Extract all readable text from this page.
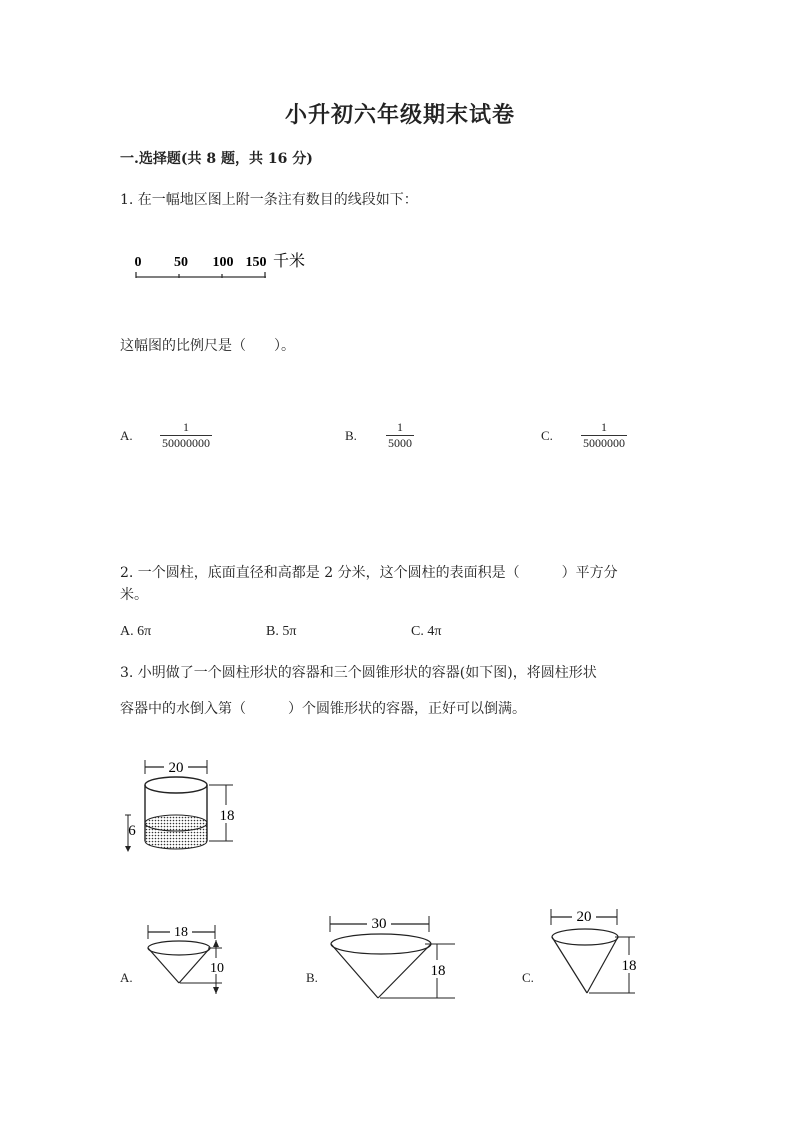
小升初六年级期末试卷
一.选择题(共 8 题，共 16 分)
1. 在一幅地区图上附一条注有数目的线段如下：
0 50 100 150 千米
这幅图的比例尺是（　　）。
A. $\frac{1}{50000000}$	B. $\frac{1}{5000}$	C. $\frac{1}{5000000}$
2. 一个圆柱，底面直径和高都是 2 分米，这个圆柱的表面积是（　　　）平方分
米。
A. 6π	B. 5π	C. 4π
3. 小明做了一个圆柱形状的容器和三个圆锥形状的容器(如下图)，将圆柱形状
容器中的水倒入第（　　　）个圆锥形状的容器，正好可以倒满。
20
18
6
A.
18
10
B.
30
18	C.
20
18
